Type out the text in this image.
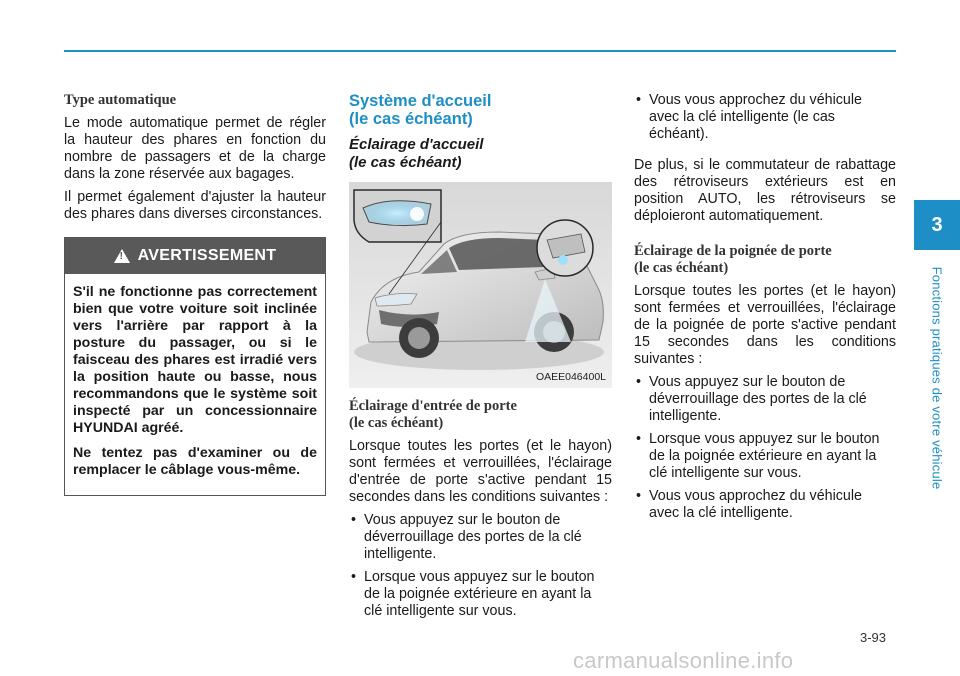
3
Fonctions pratiques de votre véhicule
Type automatique

Le mode automatique permet de régler la hauteur des phares en fonction du nombre de passagers et de la charge dans la zone réservée aux bagages.

Il permet également d'ajuster la hauteur des phares dans diverses circonstances.

!
AVERTISSEMENT

S'il ne fonctionne pas correctement bien que votre voiture soit inclinée vers l'arrière par rapport à la posture du passager, ou si le faisceau des phares est irradié vers la position haute ou basse, nous recommandons que le système soit inspecté par un concessionnaire HYUNDAI agréé.

Ne tentez pas d'examiner ou de remplacer le câblage vous-même.

Système d'accueil
(le cas échéant)
Éclairage d'accueil
(le cas échéant)
OAEE046400L
Éclairage d'entrée de porte
(le cas échéant)

Lorsque toutes les portes (et le hayon) sont fermées et verrouillées, l'éclairage d'entrée de porte s'active pendant 15 secondes dans les conditions suivantes :

• Vous appuyez sur le bouton de déverrouillage des portes de la clé intelligente.
• Lorsque vous appuyez sur le bouton de la poignée extérieure en ayant la clé intelligente sur vous.
• Vous vous approchez du véhicule avec la clé intelligente (le cas échéant).

De plus, si le commutateur de rabattage des rétroviseurs extérieurs est en position AUTO, les rétroviseurs se déploieront automatiquement.

Éclairage de la poignée de porte
(le cas échéant)

Lorsque toutes les portes (et le hayon) sont fermées et verrouillées, l'éclairage de la poignée de porte s'active pendant 15 secondes dans les conditions suivantes :

• Vous appuyez sur le bouton de déverrouillage des portes de la clé intelligente.
• Lorsque vous appuyez sur le bouton de la poignée extérieure en ayant la clé intelligente sur vous.
• Vous vous approchez du véhicule avec la clé intelligente.
3-93
carmanualsonline.info
